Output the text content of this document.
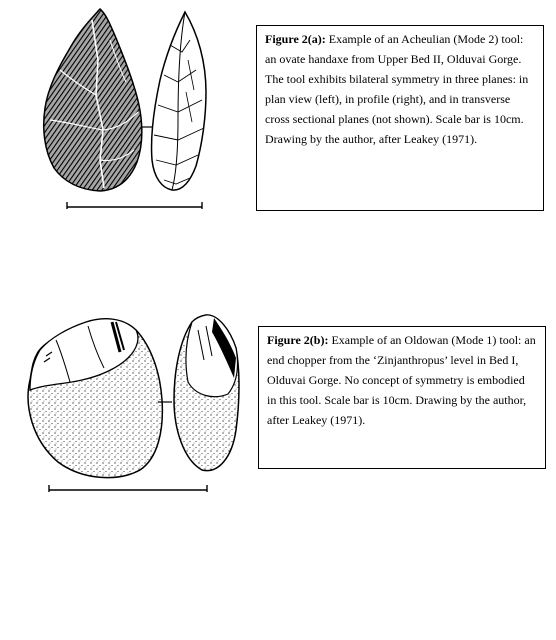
Figure 2(a): Example of an Acheulian (Mode 2) tool: an ovate handaxe from Upper Bed II, Olduvai Gorge. The tool exhibits bilateral symmetry in three planes: in plan view (left), in profile (right), and in transverse cross sectional planes (not shown). Scale bar is 10cm. Drawing by the author, after Leakey (1971).
Figure 2(b): Example of an Oldowan (Mode 1) tool: an end chopper from the ‘Zinjanthropus’ level in Bed I, Olduvai Gorge. No concept of symmetry is embodied in this tool. Scale bar is 10cm. Drawing by the author, after Leakey (1971).
